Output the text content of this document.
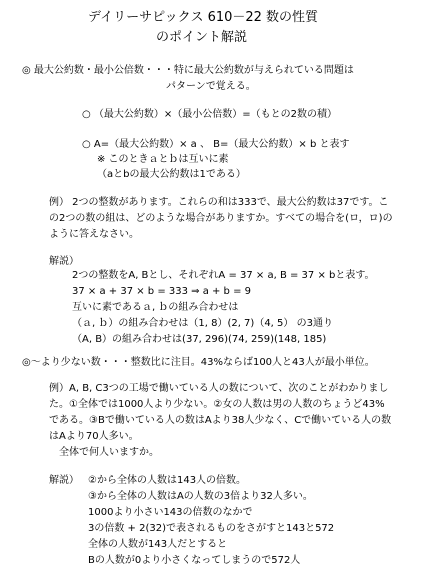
デイリーサピックス 610－22 数の性質
のポイント解説
◎ 最大公約数・最小公倍数・・・特に最大公約数が与えられている問題は
パターンで覚える。
○ （最大公約数）×（最小公倍数）=（もとの2数の積）
○ A=（最大公約数）× a 、 B=（最大公約数）× b と表す
※ このときａとｂは互いに素
（aとbの最大公約数は1である）
例） 2つの整数があります。これらの和は333で、最大公約数は37です。こ
の2つの数の組は、どのような場合がありますか。すべての場合を(ロ，ロ)の
ように答えなさい。
解説）
2つの整数をA, Bとし、それぞれA = 37 × a, B = 37 × bと表す。
37 × a + 37 × b = 333 ⇒ a + b = 9
互いに素であるａ, ｂの組み合わせは
（ａ, ｂ）の組み合わせは（1, 8）(2, 7)（4, 5） の3通り
（A, B）の組み合わせは(37, 296)(74, 259)(148, 185)
◎～より少ない数・・・整数比に注目。43%ならば100人と43人が最小単位。
例）A, B, C3つの工場で働いている人の数について、次のことがわかりまし
た。①全体では1000人より少ない。②女の人数は男の人数のちょうど43%
である。③Bで働いている人の数はAより38人少なく、Cで働いている人の数
はAより70人多い。
全体で何人いますか。
解説） ②から全体の人数は143人の倍数。
③から全体の人数はAの人数の3倍より32人多い。
1000より小さい143の倍数のなかで
3の倍数 + 2(32)で表されるものをさがすと143と572
全体の人数が143人だとすると
Bの人数が0より小さくなってしまうので572人
